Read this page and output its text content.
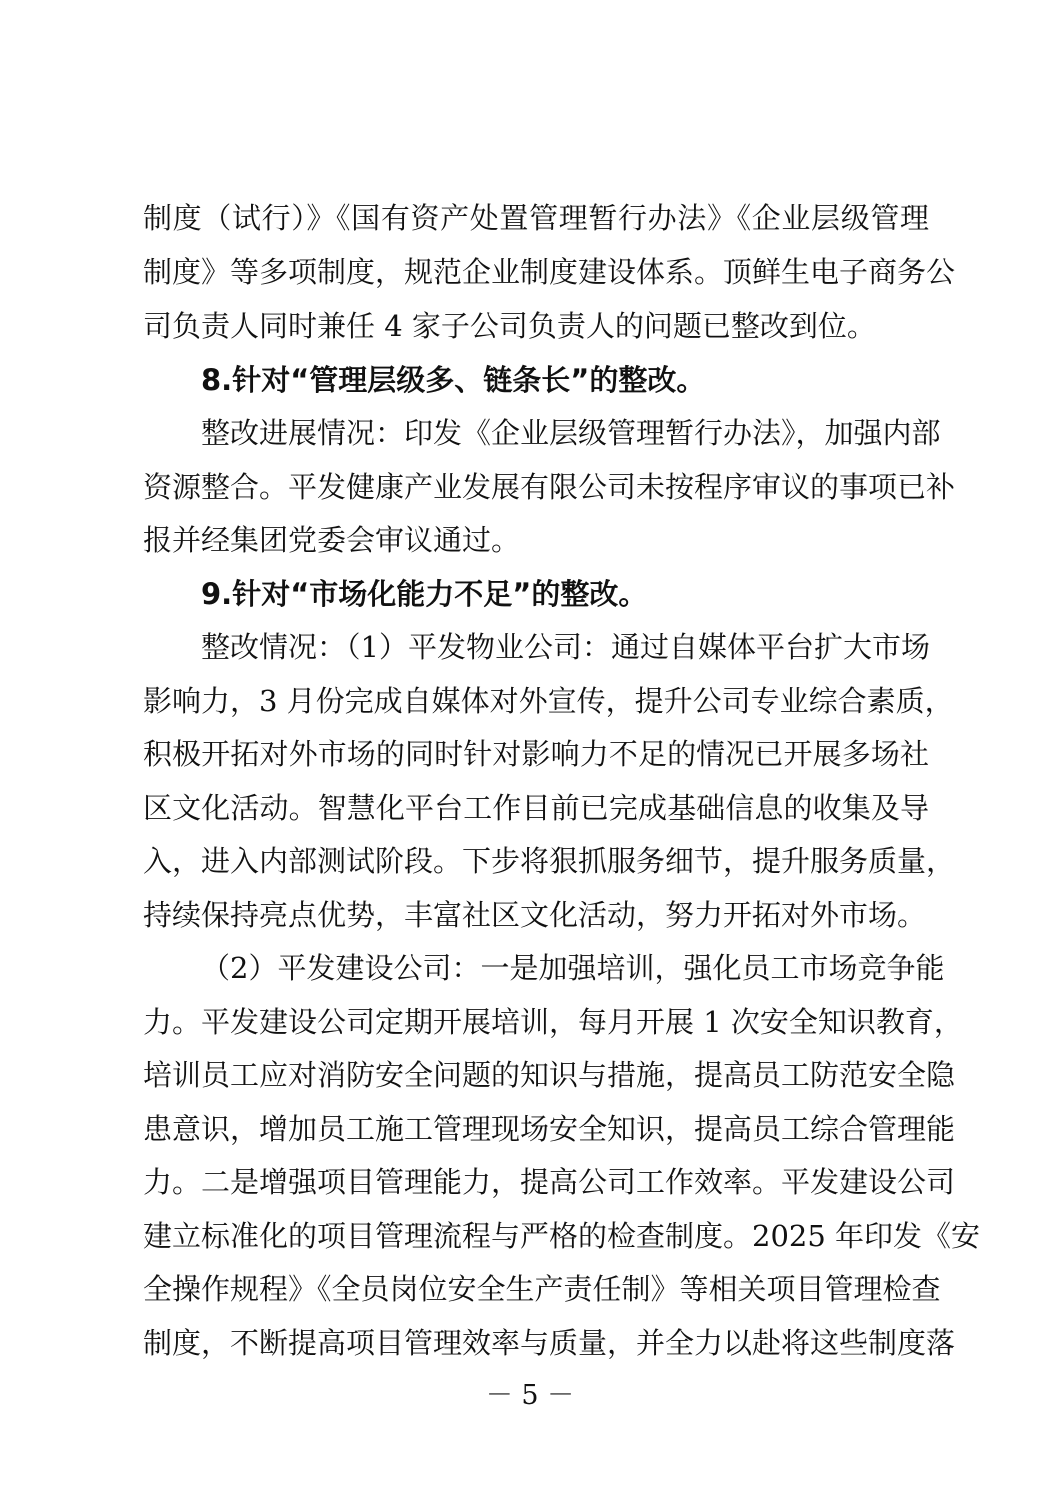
制度（试行）》《国有资产处置管理暂行办法》《企业层级管理
制度》等多项制度，规范企业制度建设体系。顶鲜生电子商务公
司负责人同时兼任 4 家子公司负责人的问题已整改到位。
8.针对“管理层级多、链条长”的整改。
整改进展情况：印发《企业层级管理暂行办法》，加强内部
资源整合。平发健康产业发展有限公司未按程序审议的事项已补
报并经集团党委会审议通过。
9.针对“市场化能力不足”的整改。
整改情况：（1）平发物业公司：通过自媒体平台扩大市场
影响力，3 月份完成自媒体对外宣传，提升公司专业综合素质，
积极开拓对外市场的同时针对影响力不足的情况已开展多场社
区文化活动。智慧化平台工作目前已完成基础信息的收集及导
入，进入内部测试阶段。下步将狠抓服务细节，提升服务质量，
持续保持亮点优势，丰富社区文化活动，努力开拓对外市场。
（2）平发建设公司：一是加强培训，强化员工市场竞争能
力。平发建设公司定期开展培训，每月开展 1 次安全知识教育，
培训员工应对消防安全问题的知识与措施，提高员工防范安全隐
患意识，增加员工施工管理现场安全知识，提高员工综合管理能
力。二是增强项目管理能力，提高公司工作效率。平发建设公司
建立标准化的项目管理流程与严格的检查制度。2025 年印发《安
全操作规程》《全员岗位安全生产责任制》等相关项目管理检查
制度，不断提高项目管理效率与质量，并全力以赴将这些制度落
－ 5 －
